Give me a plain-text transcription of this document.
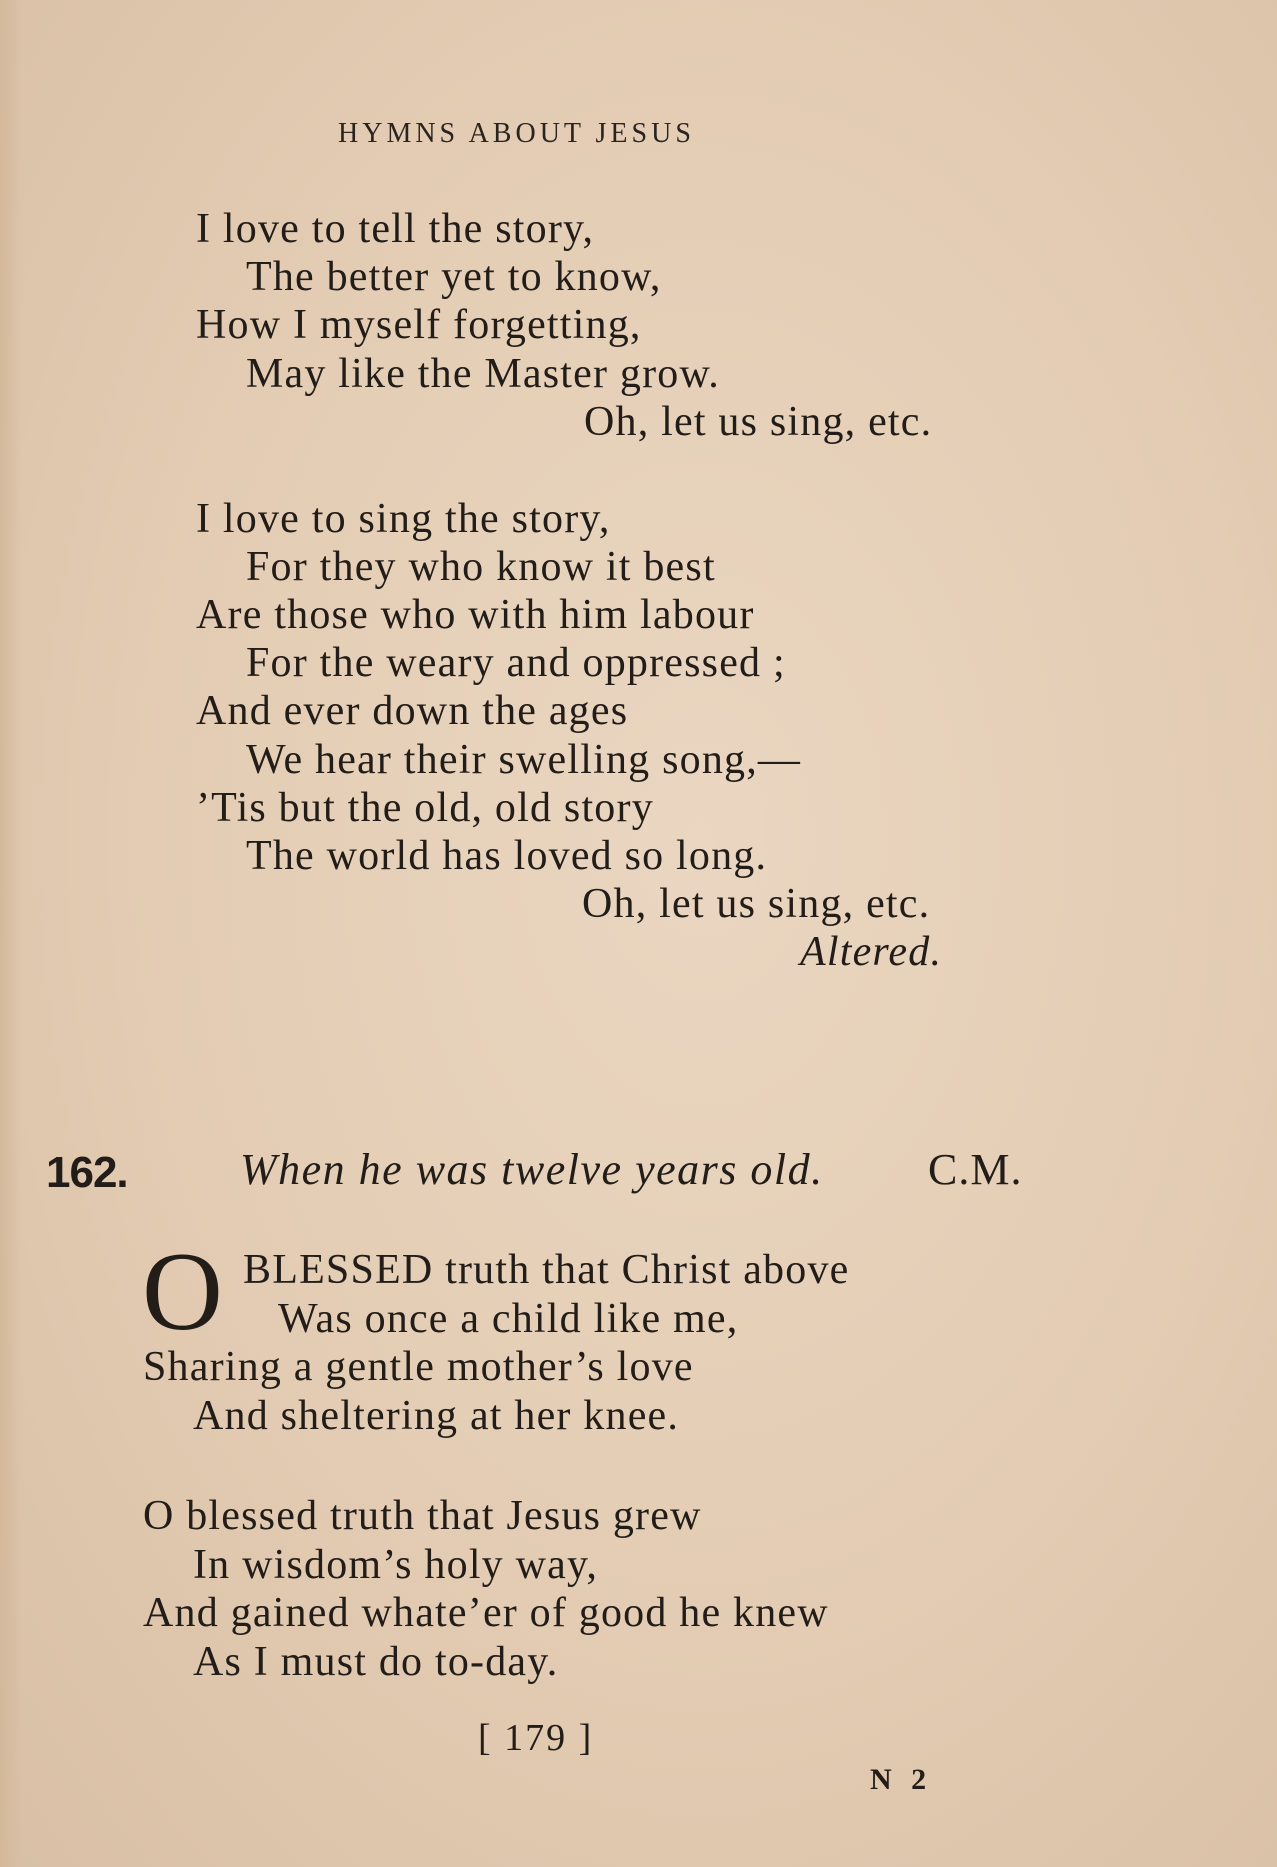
HYMNS ABOUT JESUS
I love to tell the story,
The better yet to know,
How I myself forgetting,
May like the Master grow.
Oh, let us sing, etc.
I love to sing the story,
For they who know it best
Are those who with him labour
For the weary and oppressed ;
And ever down the ages
We hear their swelling song,—
’Tis but the old, old story
The world has loved so long.
Oh, let us sing, etc.
Altered.
162.	When he was twelve years old. C.M.
O BLESSED truth that Christ above
Was once a child like me,
Sharing a gentle mother’s love
And sheltering at her knee.
O blessed truth that Jesus grew
In wisdom’s holy way,
And gained whate’er of good he knew
As I must do to-day.
[ 179 ]
N 2
